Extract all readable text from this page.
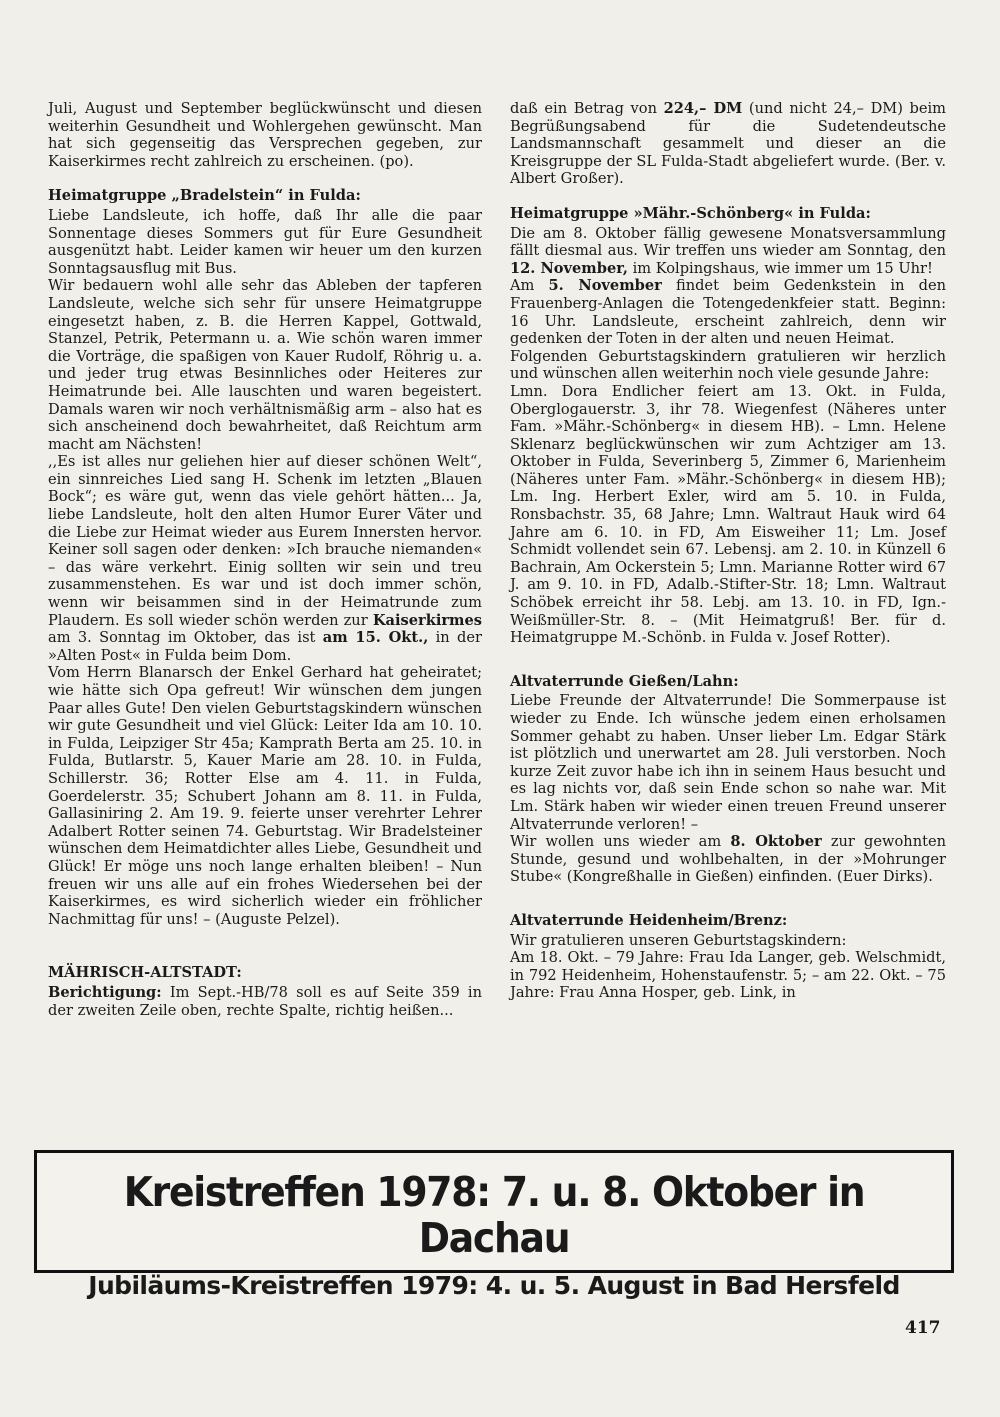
Juli, August und September beglückwünscht und diesen weiterhin Gesundheit und Wohlergehen gewünscht. Man hat sich gegenseitig das Versprechen gegeben, zur Kaiserkirmes recht zahlreich zu erscheinen. (po).

Heimatgruppe „Bradelstein“ in Fulda:

Liebe Landsleute, ich hoffe, daß Ihr alle die paar Sonnentage dieses Sommers gut für Eure Gesundheit ausgenützt habt. Leider kamen wir heuer um den kurzen Sonntagsausflug mit Bus.

Wir bedauern wohl alle sehr das Ableben der tapferen Landsleute, welche sich sehr für unsere Heimatgruppe eingesetzt haben, z. B. die Herren Kappel, Gottwald, Stanzel, Petrik, Petermann u. a. Wie schön waren immer die Vorträge, die spaßigen von Kauer Rudolf, Röhrig u. a. und jeder trug etwas Besinnliches oder Heiteres zur Heimatrunde bei. Alle lauschten und waren begeistert. Damals waren wir noch verhältnismäßig arm – also hat es sich anscheinend doch bewahrheitet, daß Reichtum arm macht am Nächsten!

,,Es ist alles nur geliehen hier auf dieser schönen Welt“, ein sinnreiches Lied sang H. Schenk im letzten „Blauen Bock“; es wäre gut, wenn das viele gehört hätten... Ja, liebe Landsleute, holt den alten Humor Eurer Väter und die Liebe zur Heimat wieder aus Eurem Innersten hervor. Keiner soll sagen oder denken: »Ich brauche niemanden« – das wäre verkehrt. Einig sollten wir sein und treu zusammenstehen. Es war und ist doch immer schön, wenn wir beisammen sind in der Heimatrunde zum Plaudern. Es soll wieder schön werden zur Kaiserkirmes am 3. Sonntag im Oktober, das ist am 15. Okt., in der »Alten Post« in Fulda beim Dom.

Vom Herrn Blanarsch der Enkel Gerhard hat geheiratet; wie hätte sich Opa gefreut! Wir wünschen dem jungen Paar alles Gute! Den vielen Geburtstagskindern wünschen wir gute Gesundheit und viel Glück: Leiter Ida am 10. 10. in Fulda, Leipziger Str 45a; Kamprath Berta am 25. 10. in Fulda, Butlarstr. 5, Kauer Marie am 28. 10. in Fulda, Schillerstr. 36; Rotter Else am 4. 11. in Fulda, Goerdelerstr. 35; Schubert Johann am 8. 11. in Fulda, Gallasiniring 2. Am 19. 9. feierte unser verehrter Lehrer Adalbert Rotter seinen 74. Geburtstag. Wir Bradelsteiner wünschen dem Heimatdichter alles Liebe, Gesundheit und Glück! Er möge uns noch lange erhalten bleiben! – Nun freuen wir uns alle auf ein frohes Wiedersehen bei der Kaiserkirmes, es wird sicherlich wieder ein fröhlicher Nachmittag für uns! – (Auguste Pelzel).

MÄHRISCH-ALTSTADT:

Berichtigung: Im Sept.-HB/78 soll es auf Seite 359 in der zweiten Zeile oben, rechte Spalte, richtig heißen...

daß ein Betrag von 224,– DM (und nicht 24,– DM) beim Begrüßungsabend für die Sudetendeutsche Landsmannschaft gesammelt und dieser an die Kreisgruppe der SL Fulda-Stadt abgeliefert wurde. (Ber. v. Albert Großer).

Heimatgruppe »Mähr.-Schönberg« in Fulda:

Die am 8. Oktober fällig gewesene Monatsversammlung fällt diesmal aus. Wir treffen uns wieder am Sonntag, den 12. November, im Kolpingshaus, wie immer um 15 Uhr!

Am 5. November findet beim Gedenkstein in den Frauenberg-Anlagen die Totengedenkfeier statt. Beginn: 16 Uhr. Landsleute, erscheint zahlreich, denn wir gedenken der Toten in der alten und neuen Heimat.

Folgenden Geburtstagskindern gratulieren wir herzlich und wünschen allen weiterhin noch viele gesunde Jahre:

Lmn. Dora Endlicher feiert am 13. Okt. in Fulda, Oberglogauerstr. 3, ihr 78. Wiegenfest (Näheres unter Fam. »Mähr.-Schönberg« in diesem HB). – Lmn. Helene Sklenarz beglückwünschen wir zum Achtziger am 13. Oktober in Fulda, Severinberg 5, Zimmer 6, Marienheim (Näheres unter Fam. »Mähr.-Schönberg« in diesem HB); Lm. Ing. Herbert Exler, wird am 5. 10. in Fulda, Ronsbachstr. 35, 68 Jahre; Lmn. Waltraut Hauk wird 64 Jahre am 6. 10. in FD, Am Eisweiher 11; Lm. Josef Schmidt vollendet sein 67. Lebensj. am 2. 10. in Künzell 6 Bachrain, Am Ockerstein 5; Lmn. Marianne Rotter wird 67 J. am 9. 10. in FD, Adalb.-Stifter-Str. 18; Lmn. Waltraut Schöbek erreicht ihr 58. Lebj. am 13. 10. in FD, Ign.-Weißmüller-Str. 8. – (Mit Heimatgruß! Ber. für d. Heimatgruppe M.-Schönb. in Fulda v. Josef Rotter).

Altvaterrunde Gießen/Lahn:

Liebe Freunde der Altvaterrunde! Die Sommerpause ist wieder zu Ende. Ich wünsche jedem einen erholsamen Sommer gehabt zu haben. Unser lieber Lm. Edgar Stärk ist plötzlich und unerwartet am 28. Juli verstorben. Noch kurze Zeit zuvor habe ich ihn in seinem Haus besucht und es lag nichts vor, daß sein Ende schon so nahe war. Mit Lm. Stärk haben wir wieder einen treuen Freund unserer Altvaterrunde verloren! –

Wir wollen uns wieder am 8. Oktober zur gewohnten Stunde, gesund und wohlbehalten, in der »Mohrunger Stube« (Kongreßhalle in Gießen) einfinden. (Euer Dirks).

Altvaterrunde Heidenheim/Brenz:

Wir gratulieren unseren Geburtstagskindern:

Am 18. Okt. – 79 Jahre: Frau Ida Langer, geb. Welschmidt, in 792 Heidenheim, Hohenstaufenstr. 5; – am 22. Okt. – 75 Jahre: Frau Anna Hosper, geb. Link, in

Kreistreffen 1978: 7. u. 8. Oktober in Dachau
Jubiläums-Kreistreffen 1979: 4. u. 5. August in Bad Hersfeld
417
